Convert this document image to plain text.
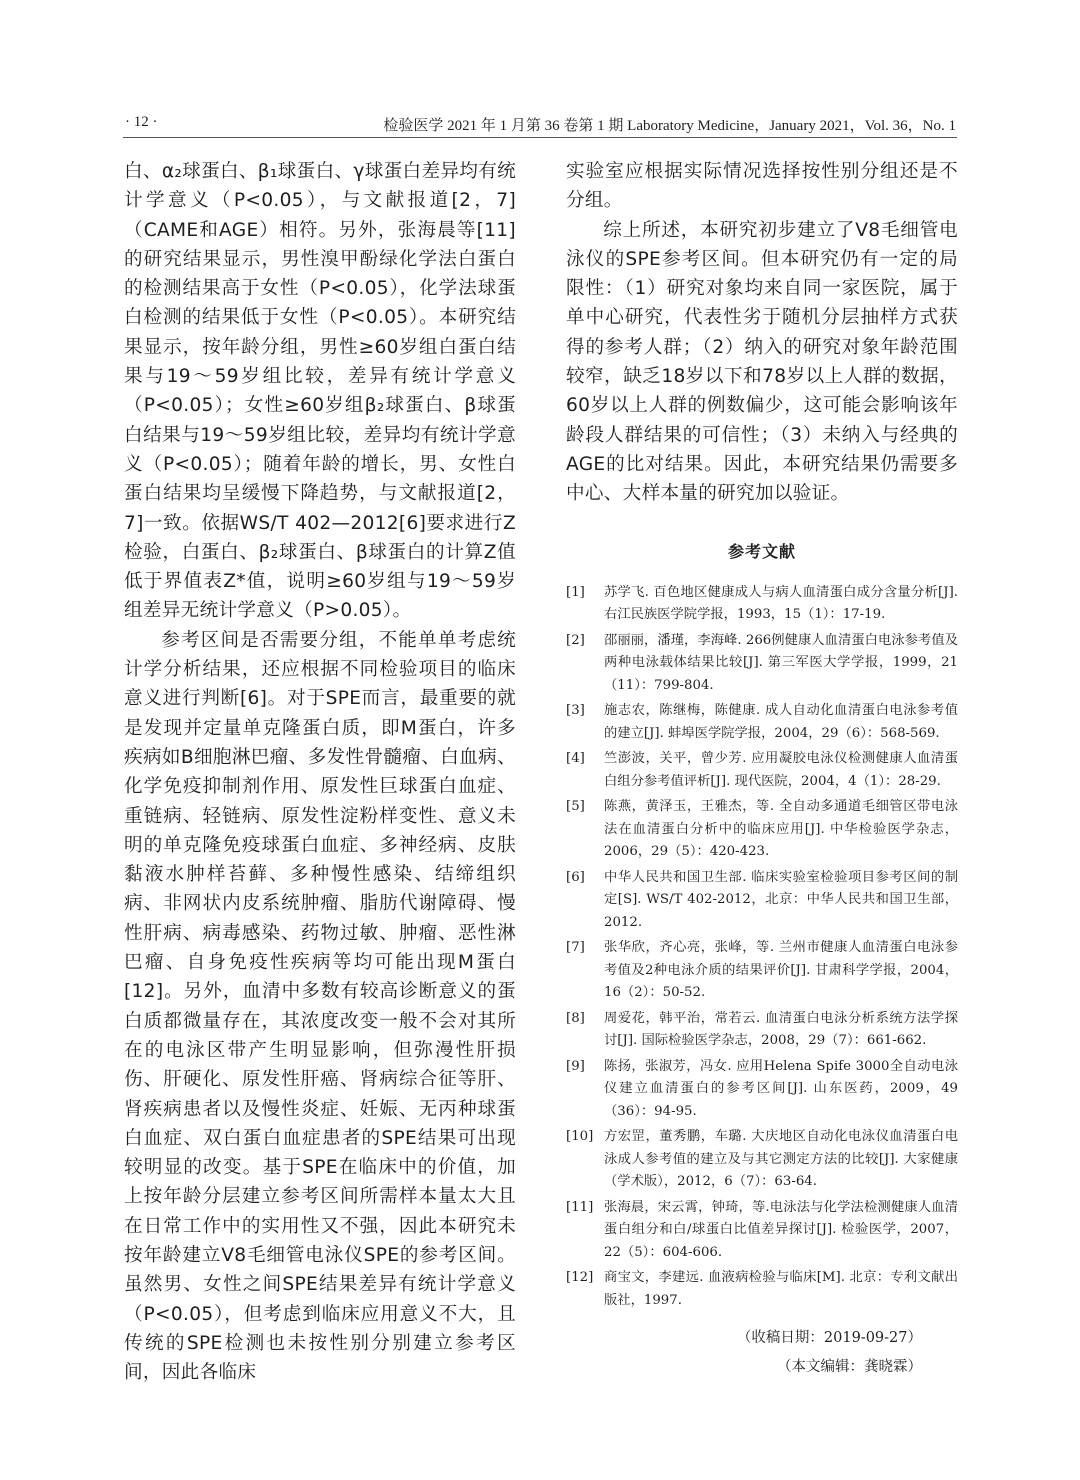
· 12 ·	检验医学 2021 年 1 月第 36 卷第 1 期 Laboratory Medicine，January 2021，Vol. 36，No. 1

白、α₂球蛋白、β₁球蛋白、γ球蛋白差异均有统计学意义（P<0.05），与文献报道[2，7]（CAME和AGE）相符。另外，张海晨等[11]的研究结果显示，男性溴甲酚绿化学法白蛋白的检测结果高于女性（P<0.05），化学法球蛋白检测的结果低于女性（P<0.05）。本研究结果显示，按年龄分组，男性≥60岁组白蛋白结果与19～59岁组比较，差异有统计学意义（P<0.05）；女性≥60岁组β₂球蛋白、β球蛋白结果与19～59岁组比较，差异均有统计学意义（P<0.05）；随着年龄的增长，男、女性白蛋白结果均呈缓慢下降趋势，与文献报道[2，7]一致。依据WS/T 402—2012[6]要求进行Z检验，白蛋白、β₂球蛋白、β球蛋白的计算Z值低于界值表Z*值，说明≥60岁组与19～59岁组差异无统计学意义（P>0.05）。

参考区间是否需要分组，不能单单考虑统计学分析结果，还应根据不同检验项目的临床意义进行判断[6]。对于SPE而言，最重要的就是发现并定量单克隆蛋白质，即M蛋白，许多疾病如B细胞淋巴瘤、多发性骨髓瘤、白血病、化学免疫抑制剂作用、原发性巨球蛋白血症、重链病、轻链病、原发性淀粉样变性、意义未明的单克隆免疫球蛋白血症、多神经病、皮肤黏液水肿样苔藓、多种慢性感染、结缔组织病、非网状内皮系统肿瘤、脂肪代谢障碍、慢性肝病、病毒感染、药物过敏、肿瘤、恶性淋巴瘤、自身免疫性疾病等均可能出现M蛋白[12]。另外，血清中多数有较高诊断意义的蛋白质都微量存在，其浓度改变一般不会对其所在的电泳区带产生明显影响，但弥漫性肝损伤、肝硬化、原发性肝癌、肾病综合征等肝、肾疾病患者以及慢性炎症、妊娠、无丙种球蛋白血症、双白蛋白血症患者的SPE结果可出现较明显的改变。基于SPE在临床中的价值，加上按年龄分层建立参考区间所需样本量太大且在日常工作中的实用性又不强，因此本研究未按年龄建立V8毛细管电泳仪SPE的参考区间。虽然男、女性之间SPE结果差异有统计学意义（P<0.05），但考虑到临床应用意义不大，且传统的SPE检测也未按性别分别建立参考区间，因此各临床

实验室应根据实际情况选择按性别分组还是不分组。

综上所述，本研究初步建立了V8毛细管电泳仪的SPE参考区间。但本研究仍有一定的局限性：（1）研究对象均来自同一家医院，属于单中心研究，代表性劣于随机分层抽样方式获得的参考人群；（2）纳入的研究对象年龄范围较窄，缺乏18岁以下和78岁以上人群的数据，60岁以上人群的例数偏少，这可能会影响该年龄段人群结果的可信性；（3）未纳入与经典的AGE的比对结果。因此，本研究结果仍需要多中心、大样本量的研究加以验证。

参考文献
[1] 苏学飞. 百色地区健康成人与病人血清蛋白成分含量分析[J]. 右江民族医学院学报，1993，15（1）：17-19.
[2] 邵丽丽，潘瑾，李海峰. 266例健康人血清蛋白电泳参考值及两种电泳载体结果比较[J]. 第三军医大学学报，1999，21（11）：799-804.
[3] 施志农，陈继梅，陈健康. 成人自动化血清蛋白电泳参考值的建立[J]. 蚌埠医学院学报，2004，29（6）：568-569.
[4] 竺澎波，关平，曾少芳. 应用凝胶电泳仪检测健康人血清蛋白组分参考值评析[J]. 现代医院，2004，4（1）：28-29.
[5] 陈燕，黄泽玉，王雅杰，等. 全自动多通道毛细管区带电泳法在血清蛋白分析中的临床应用[J]. 中华检验医学杂志，2006，29（5）：420-423.
[6] 中华人民共和国卫生部. 临床实验室检验项目参考区间的制定[S]. WS/T 402-2012，北京：中华人民共和国卫生部，2012.
[7] 张华欣，齐心亮，张峰，等. 兰州市健康人血清蛋白电泳参考值及2种电泳介质的结果评价[J]. 甘肃科学学报，2004，16（2）：50-52.
[8] 周爱花，韩平治，常若云. 血清蛋白电泳分析系统方法学探讨[J]. 国际检验医学杂志，2008，29（7）：661-662.
[9] 陈扬，张淑芳，冯女. 应用Helena Spife 3000全自动电泳仪建立血清蛋白的参考区间[J]. 山东医药，2009，49（36）：94-95.
[10] 方宏罡，董秀鹏，车璐. 大庆地区自动化电泳仪血清蛋白电泳成人参考值的建立及与其它测定方法的比较[J]. 大家健康（学术版），2012，6（7）：63-64.
[11] 张海晨，宋云霄，钟琦，等.电泳法与化学法检测健康人血清蛋白组分和白/球蛋白比值差异探讨[J]. 检验医学，2007，22（5）：604-606.
[12] 商宝文，李建远. 血液病检验与临床[M]. 北京：专利文献出版社，1997.
（收稿日期：2019-09-27）
（本文编辑：龚晓霖）
